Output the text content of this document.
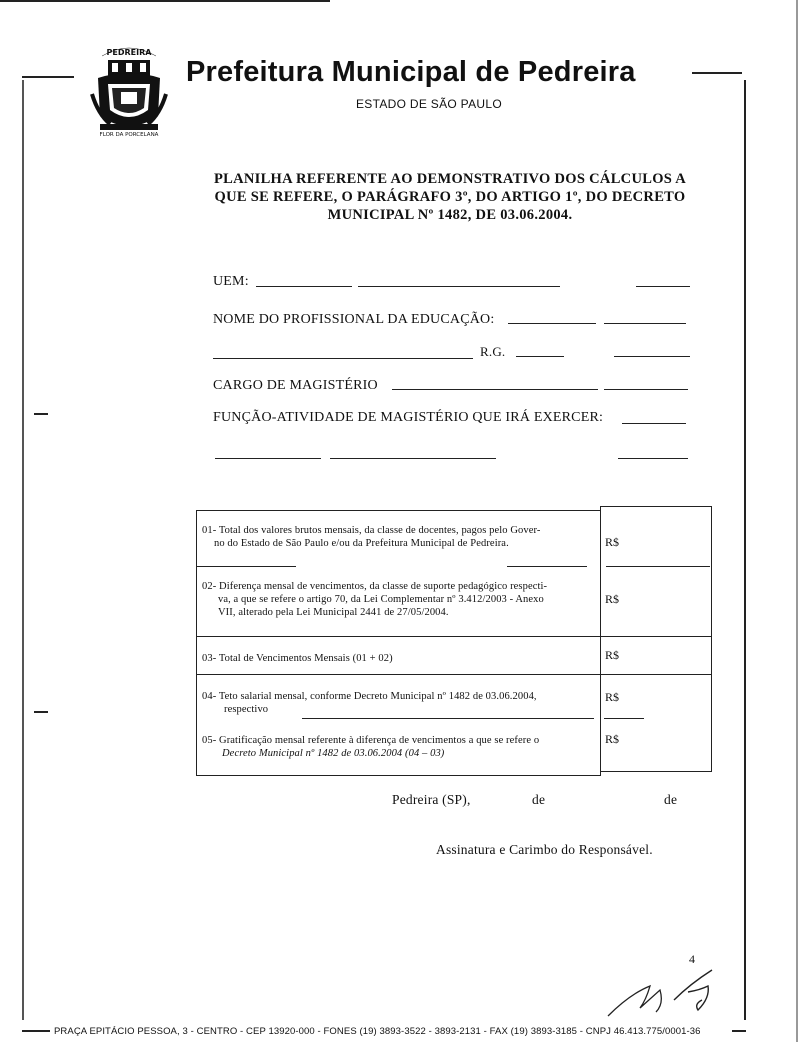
PEDREIRA
FLOR DA PORCELANA
Prefeitura Municipal de Pedreira
ESTADO DE SÃO PAULO
PLANILHA REFERENTE AO DEMONSTRATIVO DOS CÁLCULOS A
QUE SE REFERE, O PARÁGRAFO 3º, DO ARTIGO 1º, DO DECRETO
MUNICIPAL Nº 1482, DE 03.06.2004.
UEM:
NOME DO PROFISSIONAL DA EDUCAÇÃO:
R.G.
CARGO DE MAGISTÉRIO
FUNÇÃO-ATIVIDADE DE MAGISTÉRIO QUE IRÁ EXERCER:
01- Total dos valores brutos mensais, da classe de docentes, pagos pelo Gover-
no do Estado de São Paulo e/ou da Prefeitura Municipal de Pedreira.	R$
02- Diferença mensal de vencimentos, da classe de suporte pedagógico respecti-
va, a que se refere o artigo 70, da Lei Complementar nº 3.412/2003 - Anexo
VII, alterado pela Lei Municipal 2441 de 27/05/2004.
R$
03- Total de Vencimentos Mensais (01 + 02)	R$
04- Teto salarial mensal, conforme Decreto Municipal nº 1482 de 03.06.2004,
respectivo
R$
05- Gratificação mensal referente à diferença de vencimentos a que se refere o
Decreto Municipal nº 1482 de 03.06.2004 (04 – 03)
R$
Pedreira (SP),	de	de
Assinatura e Carimbo do Responsável.
4
PRAÇA EPITÁCIO PESSOA, 3 - CENTRO - CEP 13920-000 - FONES (19) 3893-3522 - 3893-2131 - FAX (19) 3893-3185 - CNPJ 46.413.775/0001-36
